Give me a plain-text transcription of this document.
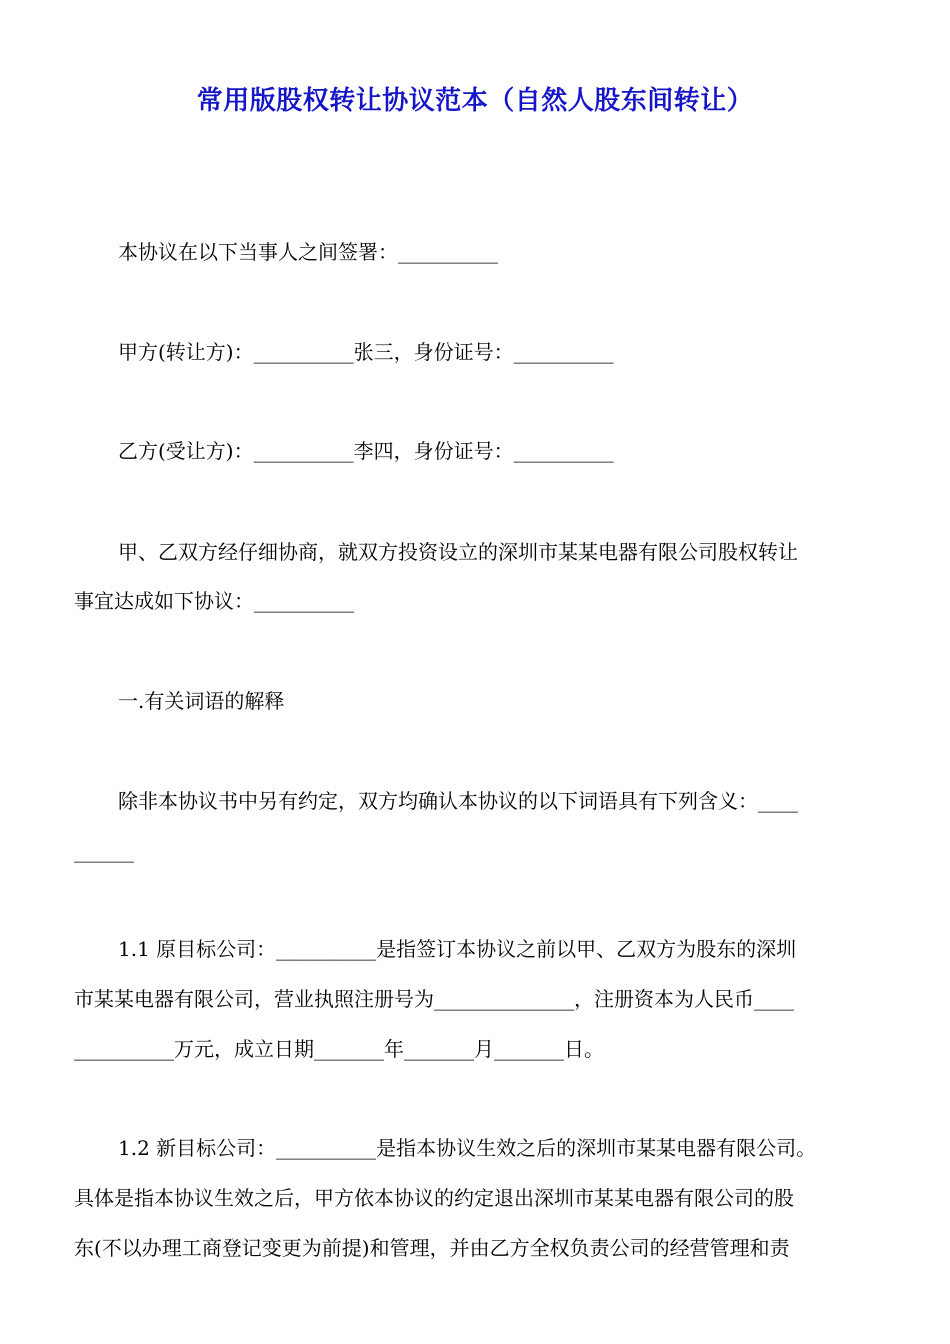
常用版股权转让协议范本（自然人股东间转让）
本协议在以下当事人之间签署：__________
甲方(转让方)：__________张三，身份证号：__________
乙方(受让方)：__________李四，身份证号：__________
甲、乙双方经仔细协商，就双方投资设立的深圳市某某电器有限公司股权转让
事宜达成如下协议：__________
一.有关词语的解释
除非本协议书中另有约定，双方均确认本协议的以下词语具有下列含义：____
______
1.1 原目标公司：__________是指签订本协议之前以甲、乙双方为股东的深圳
市某某电器有限公司，营业执照注册号为______________，注册资本为人民币____
__________万元，成立日期_______年_______月_______日。
1.2 新目标公司：__________是指本协议生效之后的深圳市某某电器有限公司。
具体是指本协议生效之后，甲方依本协议的约定退出深圳市某某电器有限公司的股
东(不以办理工商登记变更为前提)和管理，并由乙方全权负责公司的经营管理和责
